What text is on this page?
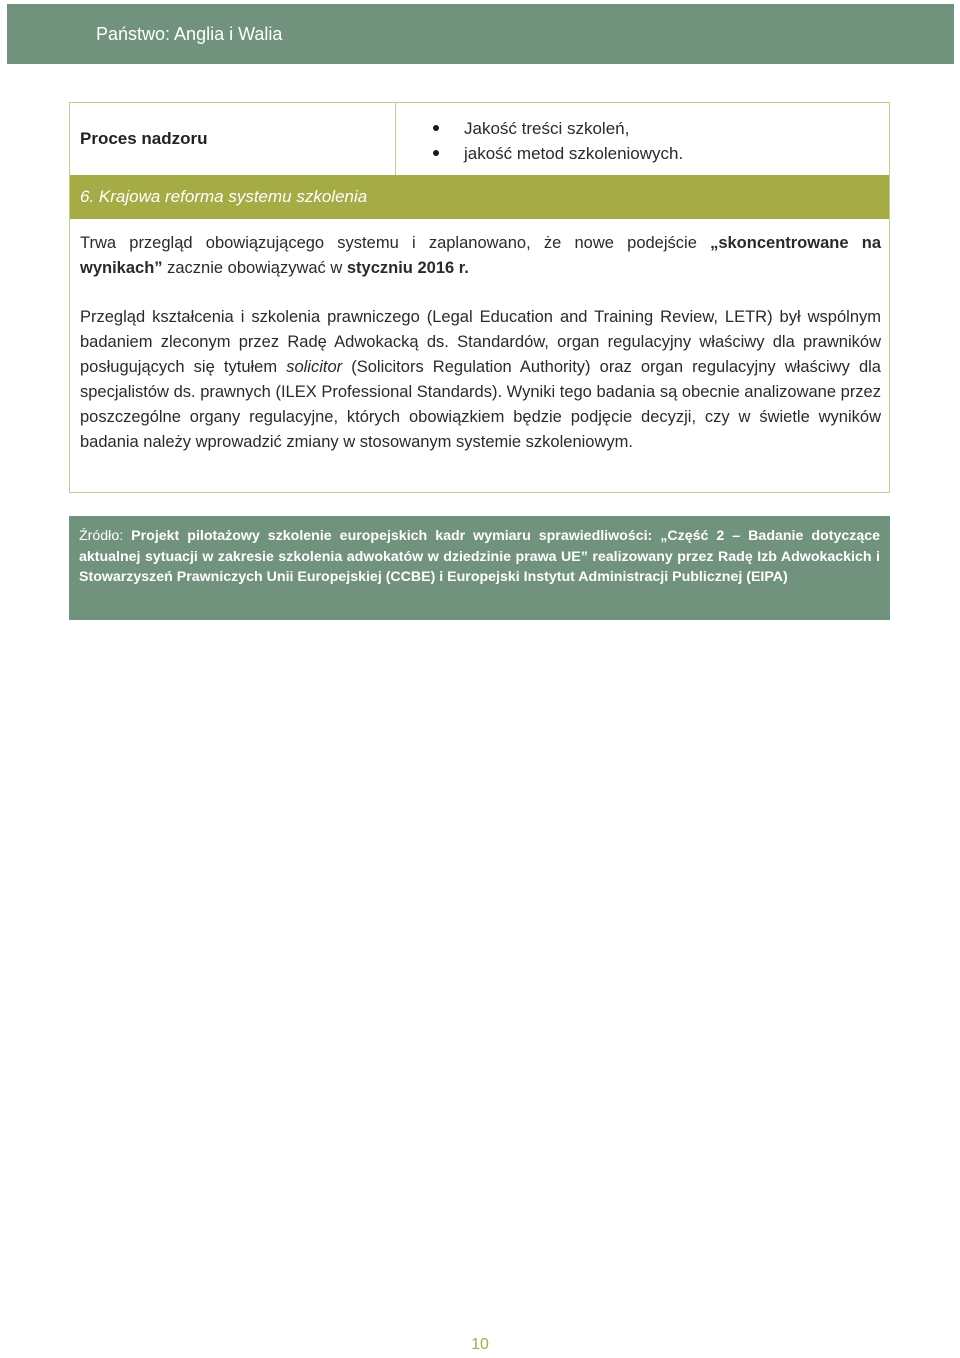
Państwo: Anglia i Walia
Proces nadzoru
Jakość treści szkoleń,
jakość metod szkoleniowych.
6. Krajowa reforma systemu szkolenia

Trwa przegląd obowiązującego systemu i zaplanowano, że nowe podejście „skoncentrowane na wynikach” zacznie obowiązywać w styczniu 2016 r.

Przegląd kształcenia i szkolenia prawniczego (Legal Education and Training Review, LETR) był wspólnym badaniem zleconym przez Radę Adwokacką ds. Standardów, organ regulacyjny właściwy dla prawników posługujących się tytułem solicitor (Solicitors Regulation Authority) oraz organ regulacyjny właściwy dla specjalistów ds. prawnych (ILEX Professional Standards). Wyniki tego badania są obecnie analizowane przez poszczególne organy regulacyjne, których obowiązkiem będzie podjęcie decyzji, czy w świetle wyników badania należy wprowadzić zmiany w stosowanym systemie szkoleniowym.

Źródło: Projekt pilotażowy szkolenie europejskich kadr wymiaru sprawiedliwości: „Część 2 – Badanie dotyczące aktualnej sytuacji w zakresie szkolenia adwokatów w dziedzinie prawa UE” realizowany przez Radę Izb Adwokackich i Stowarzyszeń Prawniczych Unii Europejskiej (CCBE) i Europejski Instytut Administracji Publicznej (EIPA)
10
